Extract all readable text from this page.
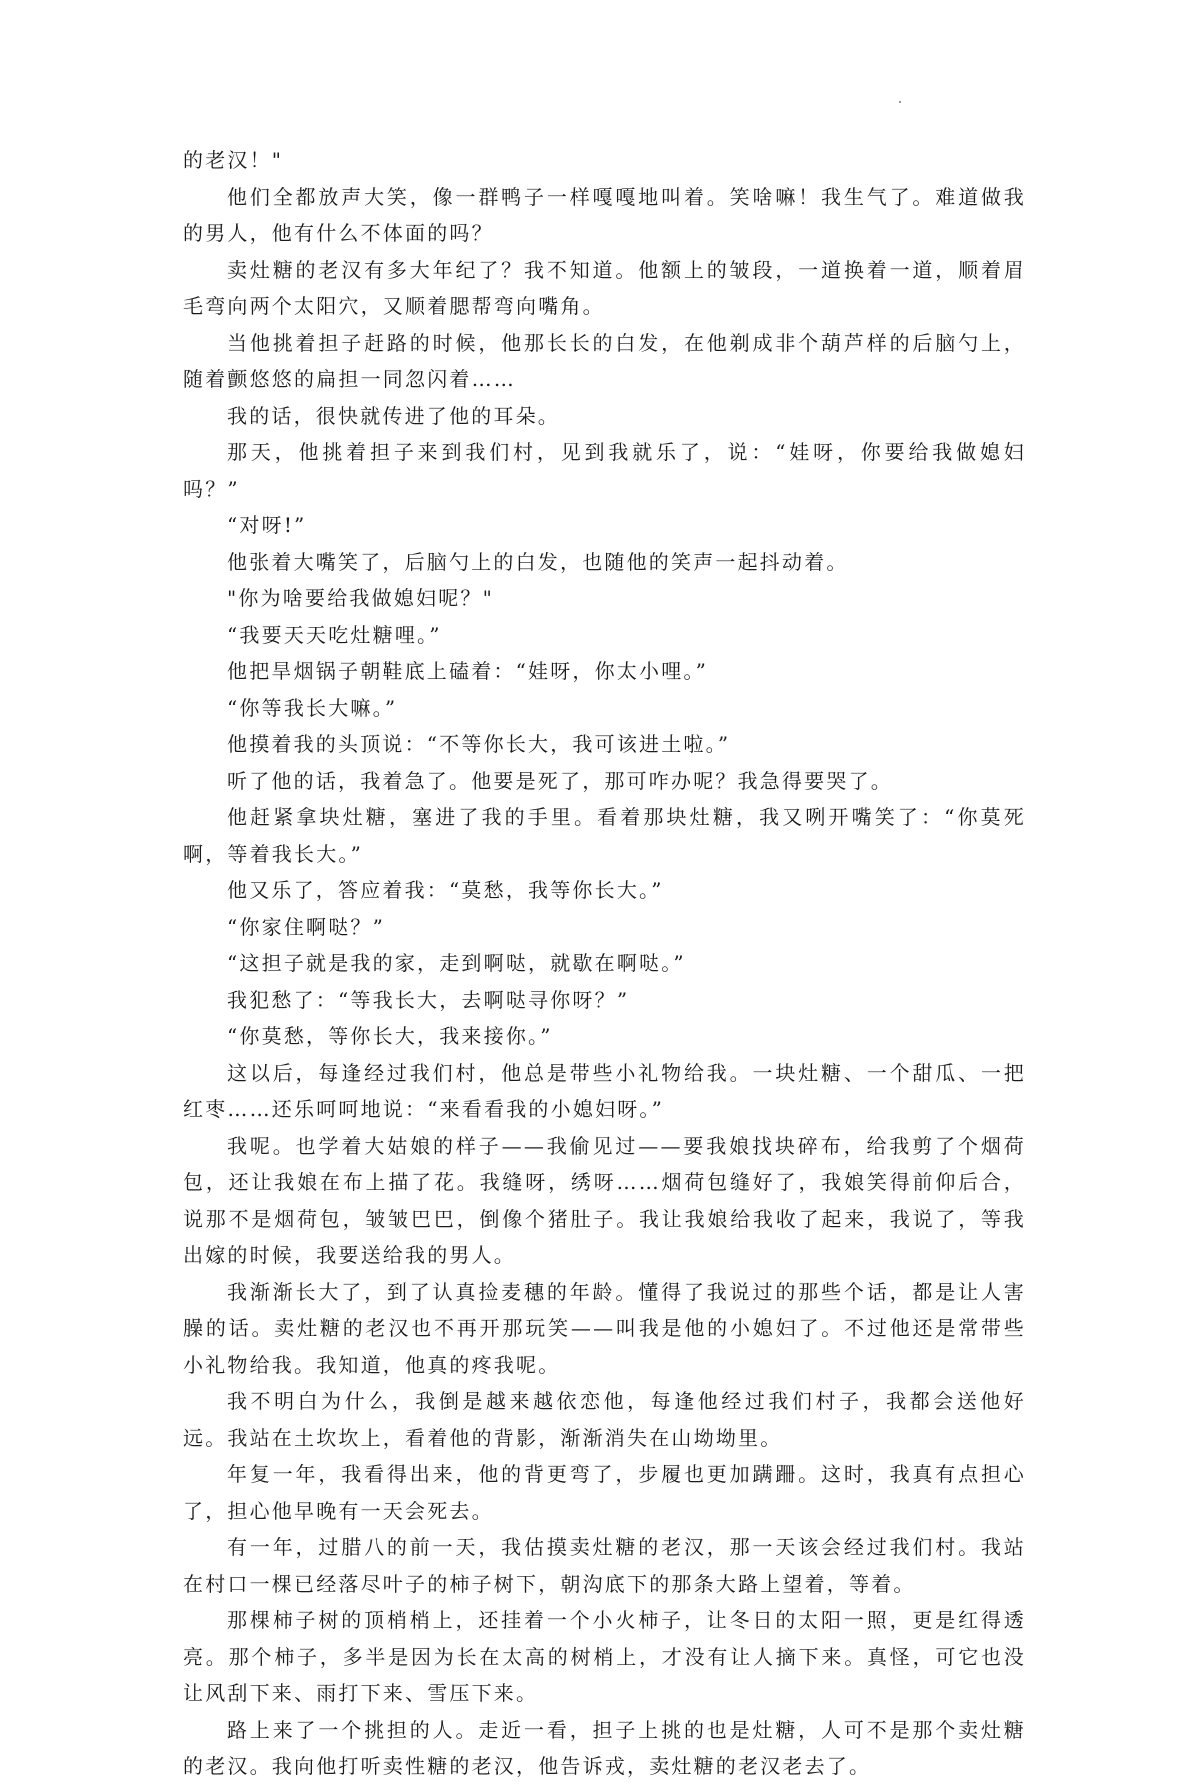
的老汉！"

他们全都放声大笑，像一群鸭子一样嘎嘎地叫着。笑啥嘛！我生气了。难道做我的男人，他有什么不体面的吗？

卖灶糖的老汉有多大年纪了？我不知道。他额上的皱段，一道换着一道，顺着眉毛弯向两个太阳穴，又顺着腮帮弯向嘴角。

当他挑着担子赶路的时候，他那长长的白发，在他剃成非个葫芦样的后脑勺上，随着颤悠悠的扁担一同忽闪着……

我的话，很快就传进了他的耳朵。

那天，他挑着担子来到我们村，见到我就乐了，说：“娃呀，你要给我做媳妇吗？”

“对呀!”

他张着大嘴笑了，后脑勺上的白发，也随他的笑声一起抖动着。

"你为啥要给我做媳妇呢？"

“我要天天吃灶糖哩。”

他把旱烟锅子朝鞋底上磕着：“娃呀，你太小哩。”

“你等我长大嘛。”

他摸着我的头顶说：“不等你长大，我可该进土啦。”

听了他的话，我着急了。他要是死了，那可咋办呢？我急得要哭了。

他赶紧拿块灶糖，塞进了我的手里。看着那块灶糖，我又咧开嘴笑了：“你莫死啊，等着我长大。”

他又乐了，答应着我：“莫愁，我等你长大。”

“你家住啊哒？”

“这担子就是我的家，走到啊哒，就歇在啊哒。”

我犯愁了：“等我长大，去啊哒寻你呀？”

“你莫愁，等你长大，我来接你。”

这以后，每逢经过我们村，他总是带些小礼物给我。一块灶糖、一个甜瓜、一把红枣……还乐呵呵地说：“来看看我的小媳妇呀。”

我呢。也学着大姑娘的样子——我偷见过——要我娘找块碎布，给我剪了个烟荷包，还让我娘在布上描了花。我缝呀，绣呀……烟荷包缝好了，我娘笑得前仰后合，说那不是烟荷包，皱皱巴巴，倒像个猪肚子。我让我娘给我收了起来，我说了，等我出嫁的时候，我要送给我的男人。

我渐渐长大了，到了认真捡麦穗的年龄。懂得了我说过的那些个话，都是让人害臊的话。卖灶糖的老汉也不再开那玩笑——叫我是他的小媳妇了。不过他还是常带些小礼物给我。我知道，他真的疼我呢。

我不明白为什么，我倒是越来越依恋他，每逢他经过我们村子，我都会送他好远。我站在土坎坎上，看着他的背影，渐渐消失在山坳坳里。

年复一年，我看得出来，他的背更弯了，步履也更加蹒跚。这时，我真有点担心了，担心他早晚有一天会死去。

有一年，过腊八的前一天，我估摸卖灶糖的老汉，那一天该会经过我们村。我站在村口一棵已经落尽叶子的柿子树下，朝沟底下的那条大路上望着，等着。

那棵柿子树的顶梢梢上，还挂着一个小火柿子，让冬日的太阳一照，更是红得透亮。那个柿子，多半是因为长在太高的树梢上，才没有让人摘下来。真怪，可它也没让风刮下来、雨打下来、雪压下来。

路上来了一个挑担的人。走近一看，担子上挑的也是灶糖，人可不是那个卖灶糖的老汉。我向他打听卖性糖的老汉，他告诉戎，卖灶糖的老汉老去了。
